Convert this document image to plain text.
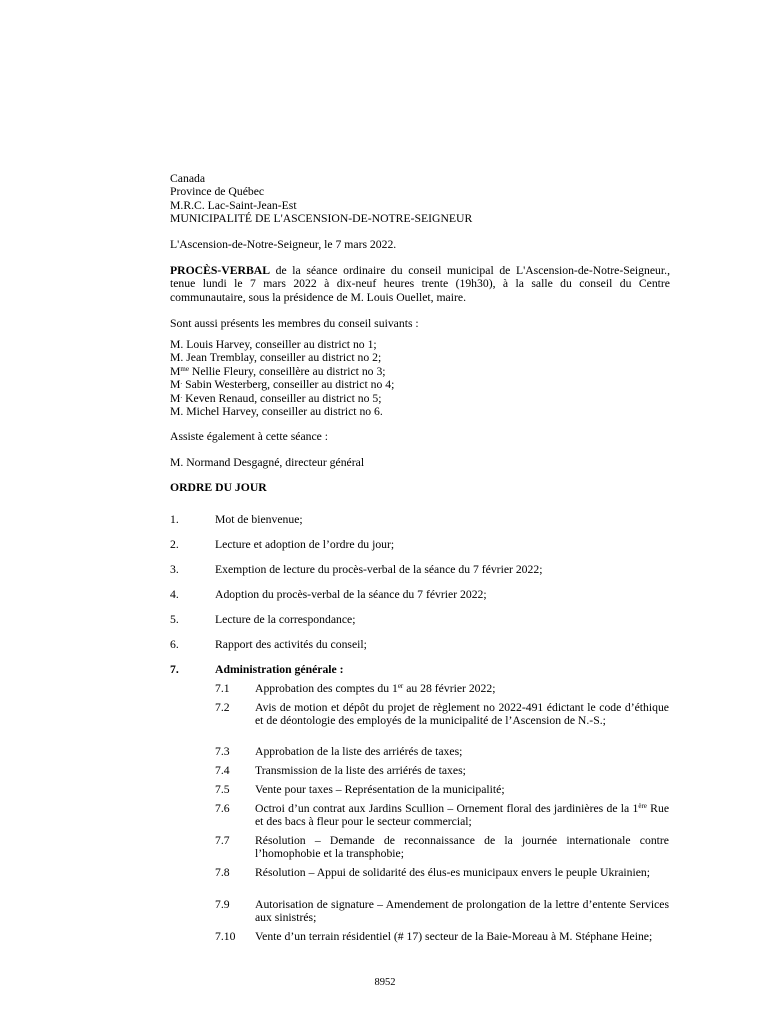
Canada
Province de Québec
M.R.C. Lac-Saint-Jean-Est
MUNICIPALITÉ DE L'ASCENSION-DE-NOTRE-SEIGNEUR
L'Ascension-de-Notre-Seigneur, le 7 mars 2022.
PROCÈS-VERBAL de la séance ordinaire du conseil municipal de L'Ascension-de-Notre-Seigneur., tenue lundi le 7 mars 2022 à dix-neuf heures trente (19h30), à la salle du conseil du Centre communautaire, sous la présidence de M. Louis Ouellet, maire.
Sont aussi présents les membres du conseil suivants :
M. Louis Harvey, conseiller au district no 1;
M. Jean Tremblay, conseiller au district no 2;
$M^{me}$ Nellie Fleury, conseillère au district no 3;
M. Sabin Westerberg, conseiller au district no 4;
M. Keven Renaud, conseiller au district no 5;
M. Michel Harvey, conseiller au district no 6.
Assiste également à cette séance :
M. Normand Desgagné, directeur général
ORDRE DU JOUR
1.	Mot de bienvenue;
2.	Lecture et adoption de l’ordre du jour;
3.	Exemption de lecture du procès-verbal de la séance du 7 février 2022;
4.	Adoption du procès-verbal de la séance du 7 février 2022;
5.	Lecture de la correspondance;
6.	Rapport des activités du conseil;
7.	Administration générale :
7.1 Approbation des comptes du 1er au 28 février 2022;
7.2 Avis de motion et dépôt du projet de règlement no 2022-491 édictant le code d’éthique et de déontologie des employés de la municipalité de l’Ascension de N.-S.;
7.3 Approbation de la liste des arriérés de taxes;
7.4 Transmission de la liste des arriérés de taxes;
7.5 Vente pour taxes – Représentation de la municipalité;
7.6 Octroi d’un contrat aux Jardins Scullion – Ornement floral des jardinières de la 1ère Rue et des bacs à fleur pour le secteur commercial;
7.7 Résolution – Demande de reconnaissance de la journée internationale contre l’homophobie et la transphobie;
7.8 Résolution – Appui de solidarité des élus-es municipaux envers le peuple Ukrainien;
7.9 Autorisation de signature – Amendement de prolongation de la lettre d’entente Services aux sinistrés;
7.10 Vente d’un terrain résidentiel (# 17) secteur de la Baie-Moreau à M. Stéphane Heine;
8952
